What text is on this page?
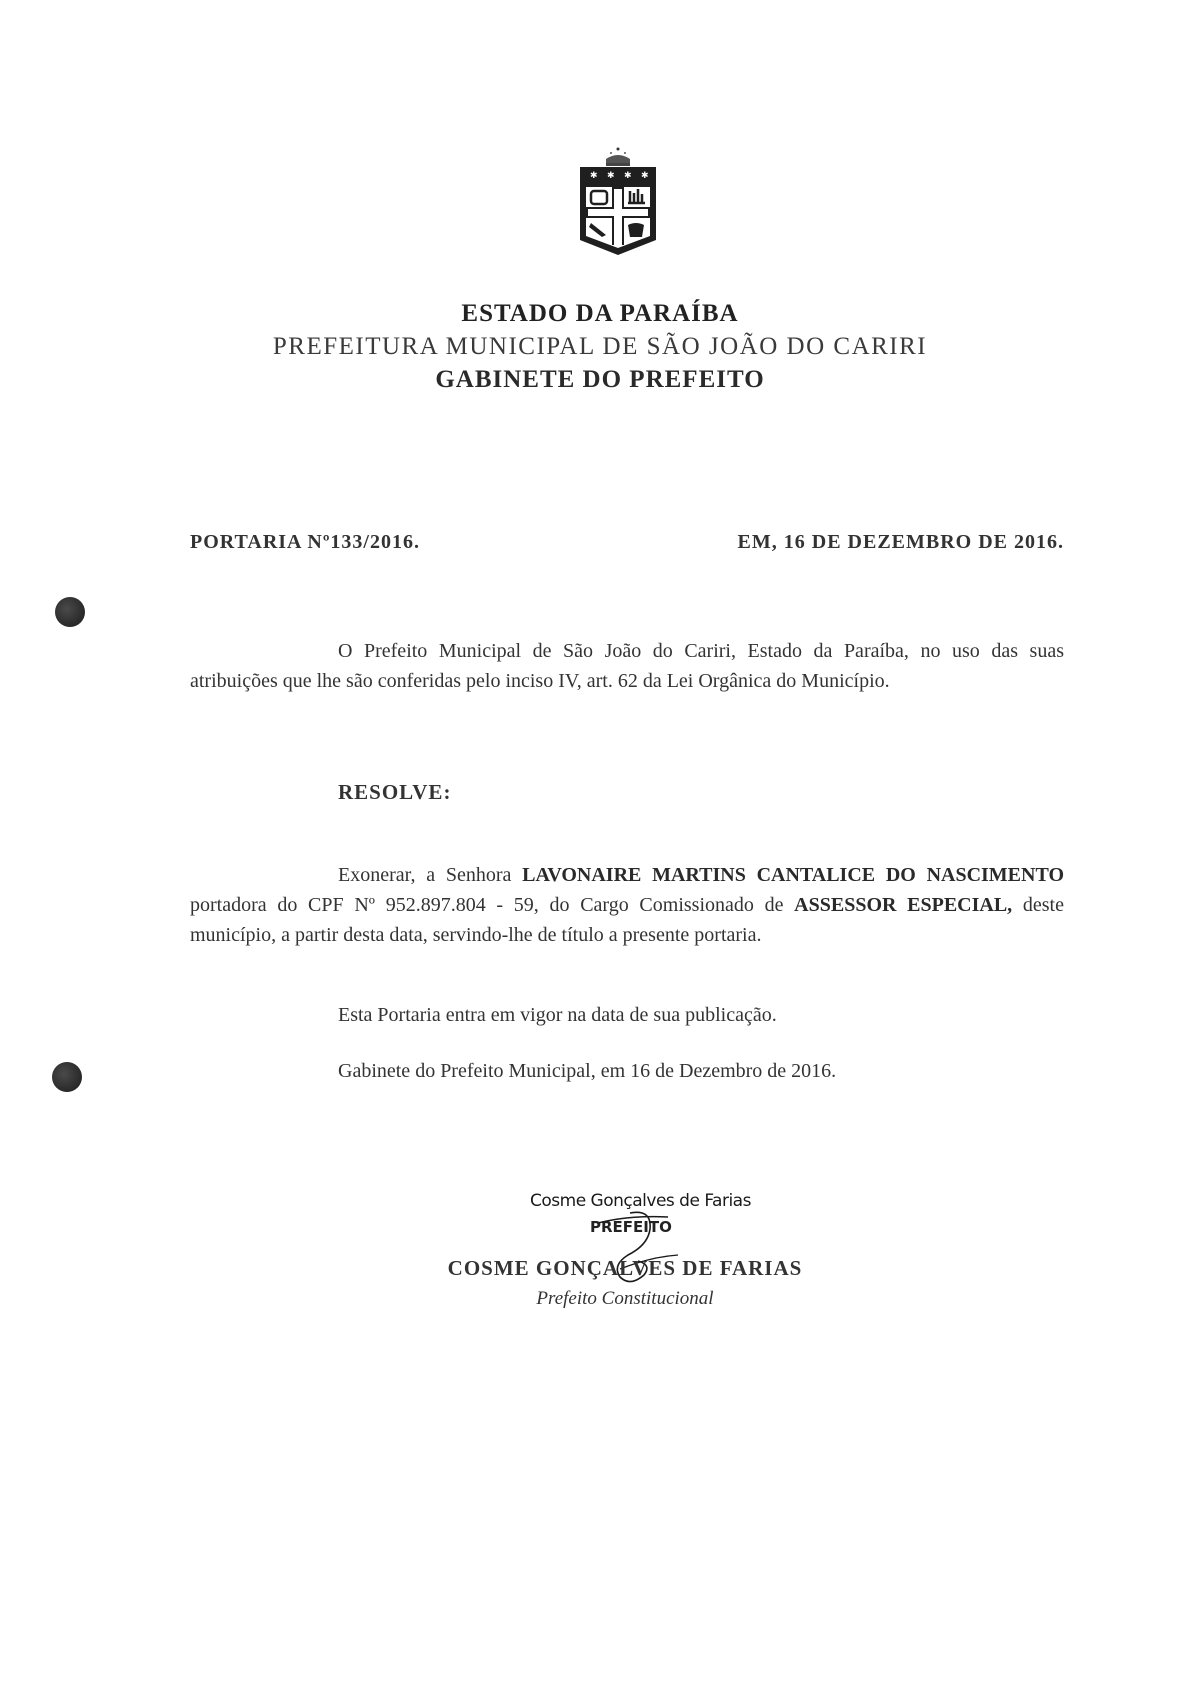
✱ ✱ ✱ ✱
ESTADO DA PARAÍBA
PREFEITURA MUNICIPAL DE SÃO JOÃO DO CARIRI
GABINETE DO PREFEITO
PORTARIA Nº133/2016.	EM, 16 DE DEZEMBRO DE 2016.
O Prefeito Municipal de São João do Cariri, Estado da Paraíba, no uso das suas atribuições que lhe são conferidas pelo inciso IV, art. 62 da Lei Orgânica do Município.
RESOLVE:
Exonerar, a Senhora LAVONAIRE MARTINS CANTALICE DO NASCIMENTO portadora do CPF Nº 952.897.804 - 59, do Cargo Comissionado de ASSESSOR ESPECIAL, deste município, a partir desta data, servindo-lhe de título a presente portaria.
Esta Portaria entra em vigor na data de sua publicação.
Gabinete do Prefeito Municipal, em 16 de Dezembro de 2016.
Cosme Gonçalves de Farias
PREFEITO
COSME GONÇALVES DE FARIAS
Prefeito Constitucional
